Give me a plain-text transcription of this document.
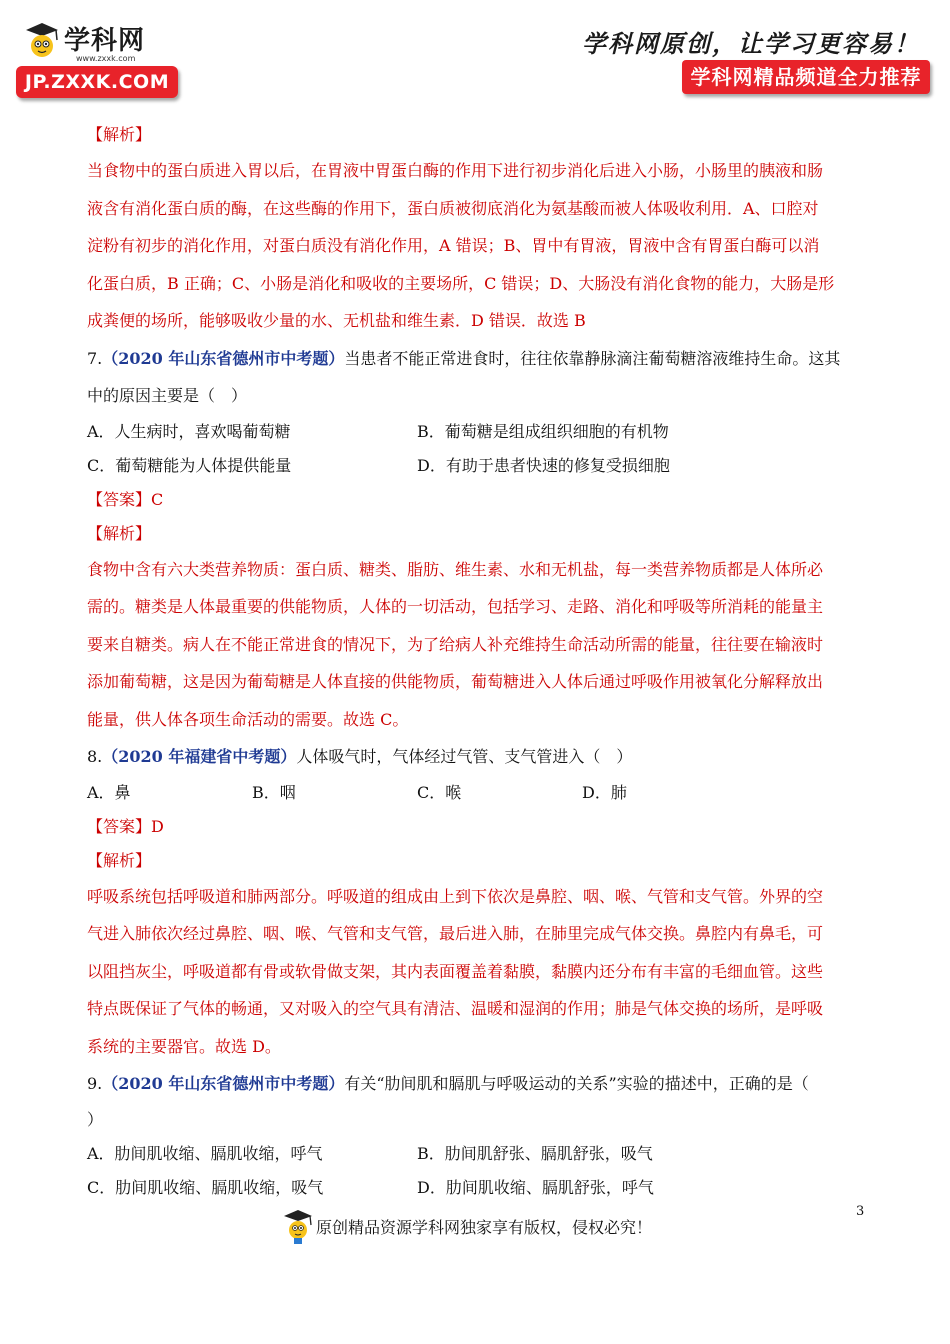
学科网
www.zxxk.com
JP.ZXXK.COM
学科网原创，让学习更容易！
学科网精品频道全力推荐
【解析】
当食物中的蛋白质进入胃以后，在胃液中胃蛋白酶的作用下进行初步消化后进入小肠，小肠里的胰液和肠
液含有消化蛋白质的酶，在这些酶的作用下，蛋白质被彻底消化为氨基酸而被人体吸收利用．A、口腔对
淀粉有初步的消化作用，对蛋白质没有消化作用，A 错误；B、胃中有胃液，胃液中含有胃蛋白酶可以消
化蛋白质，B 正确；C、小肠是消化和吸收的主要场所，C 错误；D、大肠没有消化食物的能力，大肠是形
成粪便的场所，能够吸收少量的水、无机盐和维生素．D 错误．故选 B
7.（2020 年山东省德州市中考题）当患者不能正常进食时，往往依靠静脉滴注葡萄糖溶液维持生命。这其
中的原因主要是（　）
A．人生病时，喜欢喝葡萄糖	B．葡萄糖是组成组织细胞的有机物
C．葡萄糖能为人体提供能量	D．有助于患者快速的修复受损细胞
【答案】C
【解析】
食物中含有六大类营养物质：蛋白质、糖类、脂肪、维生素、水和无机盐，每一类营养物质都是人体所必
需的。糖类是人体最重要的供能物质，人体的一切活动，包括学习、走路、消化和呼吸等所消耗的能量主
要来自糖类。病人在不能正常进食的情况下，为了给病人补充维持生命活动所需的能量，往往要在输液时
添加葡萄糖，这是因为葡萄糖是人体直接的供能物质，葡萄糖进入人体后通过呼吸作用被氧化分解释放出
能量，供人体各项生命活动的需要。故选 C。
8.（2020 年福建省中考题）人体吸气时，气体经过气管、支气管进入（　）
A．鼻	B．咽	C．喉	D．肺
【答案】D
【解析】
呼吸系统包括呼吸道和肺两部分。呼吸道的组成由上到下依次是鼻腔、咽、喉、气管和支气管。外界的空
气进入肺依次经过鼻腔、咽、喉、气管和支气管，最后进入肺，在肺里完成气体交换。鼻腔内有鼻毛，可
以阻挡灰尘，呼吸道都有骨或软骨做支架，其内表面覆盖着黏膜，黏膜内还分布有丰富的毛细血管。这些
特点既保证了气体的畅通，又对吸入的空气具有清洁、温暖和湿润的作用；肺是气体交换的场所，是呼吸
系统的主要器官。故选 D。
9.（2020 年山东省德州市中考题）有关“肋间肌和膈肌与呼吸运动的关系”实验的描述中，正确的是（
）
A．肋间肌收缩、膈肌收缩，呼气	B．肋间肌舒张、膈肌舒张，吸气
C．肋间肌收缩、膈肌收缩，吸气	D．肋间肌收缩、膈肌舒张，呼气
3
原创精品资源学科网独家享有版权，侵权必究！
